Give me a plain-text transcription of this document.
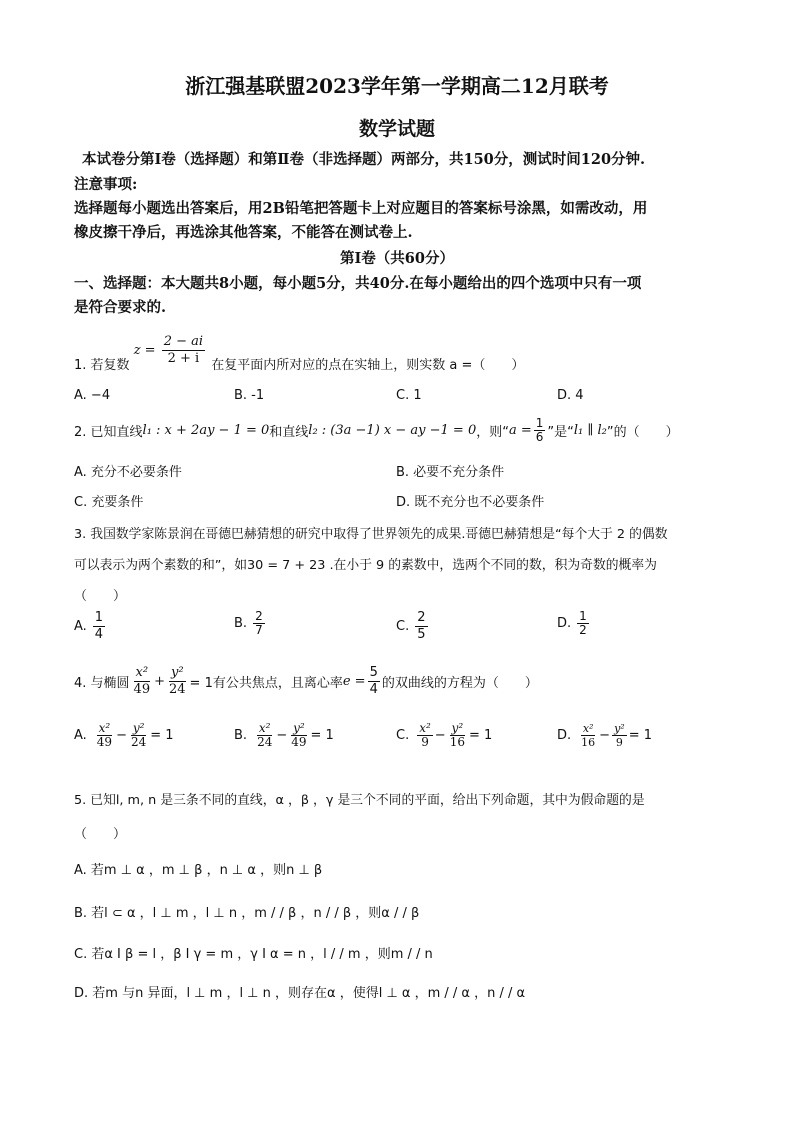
浙江强基联盟2023学年第一学期高二12月联考
数学试题
本试卷分第Ⅰ卷（选择题）和第Ⅱ卷（非选择题）两部分，共150分，测试时间120分钟.
注意事项:
选择题每小题选出答案后，用2B铅笔把答题卡上对应题目的答案标号涂黑，如需改动，用
橡皮擦干净后，再选涂其他答案，不能答在测试卷上.
第Ⅰ卷（共60分）
一、选择题：本大题共8小题，每小题5分，共40分.在每小题给出的四个选项中只有一项
是符合要求的.
1. 若复数 $z = \frac{2 - ai}{2 + i}$ 在复平面内所对应的点在实轴上，则实数 a =（　　）
A. −4	B. -1	C. 1	D. 4
2. 已知直线 l₁ : x + 2ay − 1 = 0 和直线 l₂ : (3a −1) x − ay −1 = 0 ，则“ $a = \frac{1}{6}$ ”是“ l₁ ∥ l₂ ”的（　　）
A. 充分不必要条件	B. 必要不充分条件
C. 充要条件	D. 既不充分也不必要条件
3. 我国数学家陈景润在哥德巴赫猜想的研究中取得了世界领先的成果.哥德巴赫猜想是“每个大于 2 的偶数
可以表示为两个素数的和”，如30 = 7 + 23 .在小于 9 的素数中，选两个不同的数，积为奇数的概率为
（　　）
A. $\frac{1}{4}$	B. $\frac{2}{7}$	C. $\frac{2}{5}$	D. $\frac{1}{2}$
4. 与椭圆 $\frac{\text{x²}}{49} + \frac{\text{y²}}{24} = 1$有公共焦点，且离心率 $e = \frac{5}{4}$ 的双曲线的方程为（　　）
A. $\frac{\text{x²}}{49} - \frac{\text{y²}}{24} = 1$	B. $\frac{\text{x²}}{24} - \frac{\text{y²}}{49} = 1$	C. $\frac{\text{x²}}{9} - \frac{\text{y²}}{16} = 1$	D. $\frac{\text{x²}}{16} - \frac{\text{y²}}{9} = 1$
5. 已知l, m, n 是三条不同的直线，α ，β ，γ 是三个不同的平面，给出下列命题，其中为假命题的是
（　　）
A. 若m ⊥ α ，m ⊥ β ，n ⊥ α ，则n ⊥ β
B. 若l ⊂ α ，l ⊥ m ，l ⊥ n ，m / / β ，n / / β ，则α / / β
C. 若α I β = l ，β I γ = m ，γ I α = n ，l / / m ，则m / / n
D. 若m 与n 异面，l ⊥ m ，l ⊥ n ，则存在α ，使得l ⊥ α ，m / / α ，n / / α
